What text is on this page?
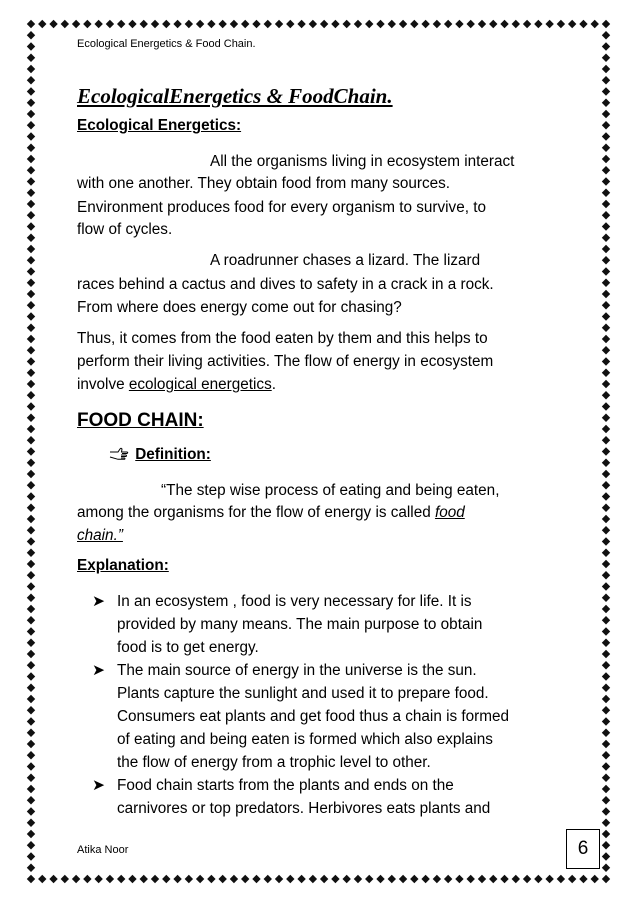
Ecological Energetics & Food Chain.
EcologicalEnergetics & FoodChain.
Ecological Energetics:
All the organisms living in ecosystem interact
with one another. They obtain food from many sources.
Environment produces food for every organism to survive, to
flow of cycles.
A roadrunner chases a lizard. The lizard
races behind a cactus and dives to safety in a crack in a rock.
From where does energy come out for chasing?
Thus, it comes from the food eaten by them and this helps to
perform their living activities. The flow of energy in ecosystem
involve ecological energetics.
FOOD CHAIN:
Definition:
“The step wise process of eating and being eaten,
among the organisms for the flow of energy is called food
chain.”
Explanation:
➤ In an ecosystem , food is very necessary for life. It is
provided by many means. The main purpose to obtain
food is to get energy.
➤ The main source of energy in the universe is the sun.
Plants capture the sunlight and used it to prepare food.
Consumers eat plants and get food thus a chain is formed
of eating and being eaten is formed which also explains
the flow of energy from a trophic level to other.
➤ Food chain starts from the plants and ends on the
carnivores or top predators. Herbivores eats plants and
Atika Noor	6
